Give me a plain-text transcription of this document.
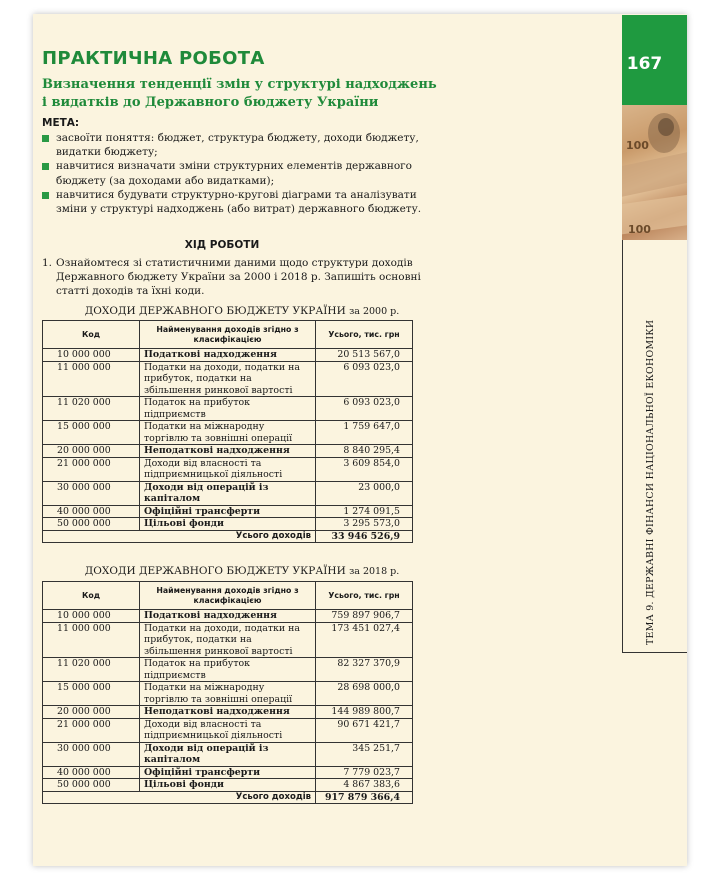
167
100
100
ТЕМА 9. ДЕРЖАВНІ ФІНАНСИ НАЦІОНАЛЬНОЇ ЕКОНОМІКИ
ПРАКТИЧНА РОБОТА
Визначення тенденції змін у структурі надходжень і видатків до Державного бюджету України

МЕТА:

засвоїти поняття: бюджет, структура бюджету, доходи бюджету, видатки бюджету;
навчитися визначати зміни структурних елементів державного бюджету (за доходами або видатками);
навчитися будувати структурно-кругові діаграми та аналізувати зміни у структурі надходжень (або витрат) державного бюджету.

ХІД РОБОТИ

1. Ознайомтеся зі статистичними даними щодо структури доходів Державного бюджету України за 2000 і 2018 р. Запишіть основні статті доходів та їхні коди.

ДОХОДИ ДЕРЖАВНОГО БЮДЖЕТУ УКРАЇНИ за 2000 р.

Код	Найменування доходів згідно з класифікацією	Усього, тис. грн
10 000 000	Податкові надходження	20 513 567,0
11 000 000	Податки на доходи, податки на прибуток, податки на збільшення ринкової вартості	6 093 023,0
11 020 000	Податок на прибуток підприємств	6 093 023,0
15 000 000	Податки на міжнародну торгівлю та зовнішні операції	1 759 647,0
20 000 000	Неподаткові надходження	8 840 295,4
21 000 000	Доходи від власності та підприємницької діяльності	3 609 854,0
30 000 000	Доходи від операцій із капіталом	23 000,0
40 000 000	Офіційні трансферти	1 274 091,5
50 000 000	Цільові фонди	3 295 573,0
	Усього доходів	33 946 526,9

ДОХОДИ ДЕРЖАВНОГО БЮДЖЕТУ УКРАЇНИ за 2018 р.

Код	Найменування доходів згідно з класифікацією	Усього, тис. грн
10 000 000	Податкові надходження	759 897 906,7
11 000 000	Податки на доходи, податки на прибуток, податки на збільшення ринкової вартості	173 451 027,4
11 020 000	Податок на прибуток підприємств	82 327 370,9
15 000 000	Податки на міжнародну торгівлю та зовнішні операції	28 698 000,0
20 000 000	Неподаткові надходження	144 989 800,7
21 000 000	Доходи від власності та підприємницької діяльності	90 671 421,7
30 000 000	Доходи від операцій із капіталом	345 251,7
40 000 000	Офіційні трансферти	7 779 023,7
50 000 000	Цільові фонди	4 867 383,6
	Усього доходів	917 879 366,4
